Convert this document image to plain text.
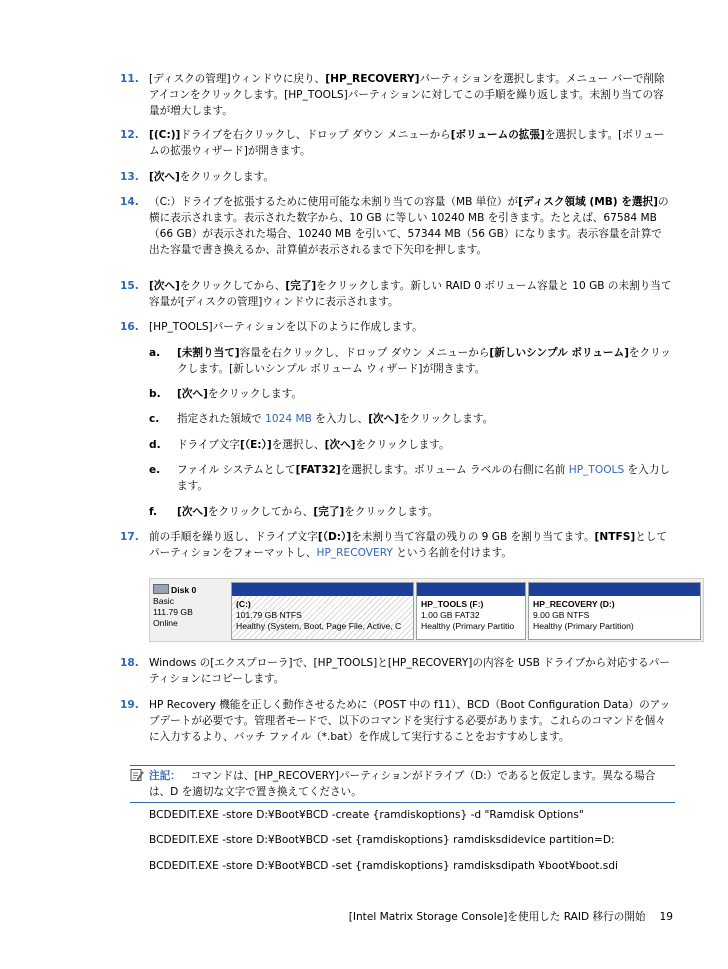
11. [ディスクの管理]ウィンドウに戻り、[HP_RECOVERY]パーティションを選択します。メニュー バーで削除アイコンをクリックします。[HP_TOOLS]パーティションに対してこの手順を繰り返します。未割り当ての容量が増大します。
12. [(C:)]ドライブを右クリックし、ドロップ ダウン メニューから[ボリュームの拡張]を選択します。[ボリュームの拡張ウィザード]が開きます。
13. [次へ]をクリックします。
14. （C:）ドライブを拡張するために使用可能な未割り当ての容量（MB 単位）が[ディスク領域 (MB) を選択]の横に表示されます。表示された数字から、10 GB に等しい 10240 MB を引きます。たとえば、67584 MB（66 GB）が表示された場合、10240 MB を引いて、57344 MB（56 GB）になります。表示容量を計算で出た容量で書き換えるか、計算値が表示されるまで下矢印を押します。
15. [次へ]をクリックしてから、[完了]をクリックします。新しい RAID 0 ボリューム容量と 10 GB の未割り当て容量が[ディスクの管理]ウィンドウに表示されます。
16. [HP_TOOLS]パーティションを以下のように作成します。
a. [未割り当て]容量を右クリックし、ドロップ ダウン メニューから[新しいシンプル ボリューム]をクリックします。[新しいシンプル ボリューム ウィザード]が開きます。
b. [次へ]をクリックします。
c. 指定された領域で 1024 MB を入力し、[次へ]をクリックします。
d. ドライブ文字[（E:）]を選択し、[次へ]をクリックします。
e. ファイル システムとして[FAT32]を選択します。ボリューム ラベルの右側に名前 HP_TOOLS を入力します。
f. [次へ]をクリックしてから、[完了]をクリックします。
17. 前の手順を繰り返し、ドライブ文字[（D:）]を未割り当て容量の残りの 9 GB を割り当てます。[NTFS]としてパーティションをフォーマットし、HP_RECOVERY という名前を付けます。
Disk 0
Basic
111.79 GB
Online
(C:)
101.79 GB NTFS
Healthy (System, Boot, Page File, Active, C
HP_TOOLS (F:)
1.00 GB FAT32
Healthy (Primary Partitio
HP_RECOVERY (D:)
9.00 GB NTFS
Healthy (Primary Partition)
18. Windows の[エクスプローラ]で、[HP_TOOLS]と[HP_RECOVERY]の内容を USB ドライブから対応するパーティションにコピーします。
19. HP Recovery 機能を正しく動作させるために（POST 中の f11）、BCD（Boot Configuration Data）のアップデートが必要です。管理者モードで、以下のコマンドを実行する必要があります。これらのコマンドを個々に入力するより、バッチ ファイル（*.bat）を作成して実行することをおすすめします。
注記： コマンドは、[HP_RECOVERY]パーティションがドライブ（D:）であると仮定します。異なる場合は、D を適切な文字で置き換えてください。
BCDEDIT.EXE -store D:¥Boot¥BCD -create {ramdiskoptions} -d "Ramdisk Options"
BCDEDIT.EXE -store D:¥Boot¥BCD -set {ramdiskoptions} ramdisksdidevice partition=D:
BCDEDIT.EXE -store D:¥Boot¥BCD -set {ramdiskoptions} ramdisksdipath ¥boot¥boot.sdi
[Intel Matrix Storage Console]を使用した RAID 移行の開始 19
